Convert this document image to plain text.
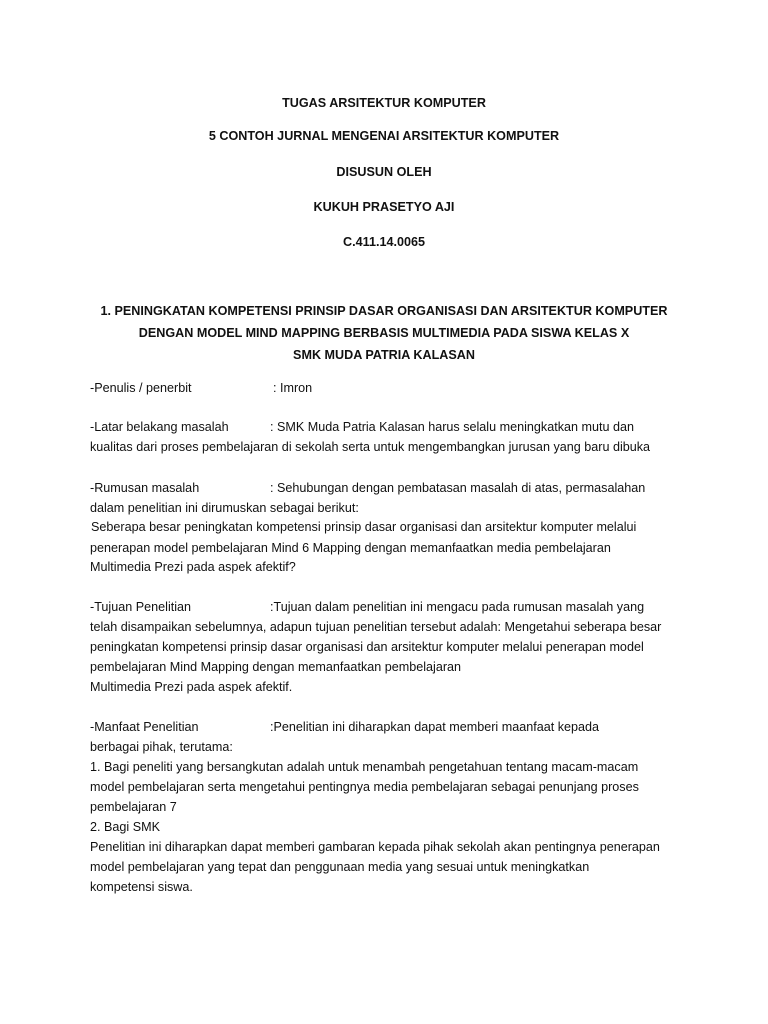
TUGAS ARSITEKTUR KOMPUTER
5 CONTOH JURNAL MENGENAI ARSITEKTUR KOMPUTER
DISUSUN OLEH
KUKUH PRASETYO AJI
C.411.14.0065
1. PENINGKATAN KOMPETENSI PRINSIP DASAR ORGANISASI DAN ARSITEKTUR KOMPUTER
DENGAN MODEL MIND MAPPING BERBASIS MULTIMEDIA PADA SISWA KELAS X
SMK MUDA PATRIA KALASAN
-Penulis / penerbit	: Imron
-Latar belakang masalah	: SMK Muda Patria Kalasan harus selalu meningkatkan mutu dan
kualitas dari proses pembelajaran di sekolah serta untuk mengembangkan jurusan yang baru dibuka
-Rumusan masalah	: Sehubungan dengan pembatasan masalah di atas, permasalahan
dalam penelitian ini dirumuskan sebagai berikut:
Seberapa besar peningkatan kompetensi prinsip dasar organisasi dan arsitektur komputer melalui
penerapan model pembelajaran Mind 6 Mapping dengan memanfaatkan media pembelajaran
Multimedia Prezi pada aspek afektif?
-Tujuan Penelitian	:Tujuan dalam penelitian ini mengacu pada rumusan masalah yang
telah disampaikan sebelumnya, adapun tujuan penelitian tersebut adalah: Mengetahui seberapa besar
peningkatan kompetensi prinsip dasar organisasi dan arsitektur komputer melalui penerapan model
pembelajaran Mind Mapping dengan memanfaatkan pembelajaran
Multimedia Prezi pada aspek afektif.
-Manfaat Penelitian	:Penelitian ini diharapkan dapat memberi maanfaat kepada
berbagai pihak, terutama:
1. Bagi peneliti yang bersangkutan adalah untuk menambah pengetahuan tentang macam-macam
model pembelajaran serta mengetahui pentingnya media pembelajaran sebagai penunjang proses
pembelajaran 7
2. Bagi SMK
Penelitian ini diharapkan dapat memberi gambaran kepada pihak sekolah akan pentingnya penerapan
model pembelajaran yang tepat dan penggunaan media yang sesuai untuk meningkatkan
kompetensi siswa.
